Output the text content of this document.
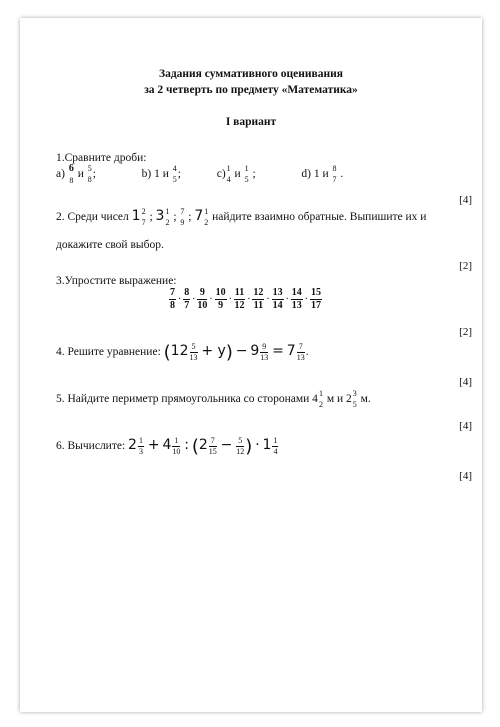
Задания суммативного оценивания
за 2 четверть по предмету «Математика»
I вариант
1.Сравните дроби:
а) 6
8
и 5
8 ;	b) 1 и 4
5 ;	c) 1
4 и 1
5 ;	d) 1 и 8
7 .
[4]
2. Среди чисел 1 2
7 ; 3 1
2 ; 7
9 ; 7 1
2 найдите взаимно обратные. Выпишите их и
докажите свой выбор.
[2]
3.Упростите выражение:
$\frac{7}{8} \cdot \frac{8}{7} \cdot \frac{9}{10} \cdot \frac{10}{9} \cdot \frac{11}{12} \cdot \frac{12}{11} \cdot \frac{13}{14} \cdot \frac{14}{13} \cdot \frac{15}{17}$
[2]
4. Решите уравнение: $(12 \frac{5}{13} + y) - 9 \frac{9}{13} = 7 \frac{7}{13}$ .
[4]
5. Найдите периметр прямоугольника со сторонами 4 1
2 м и 2 3
5 м.
[4]
6. Вычислите: $2 \frac{1}{3} + 4 \frac{1}{10}$ : ($2 \frac{7}{15} - \frac{5}{12}$ ) · $1 \frac{1}{4}$
[4]
